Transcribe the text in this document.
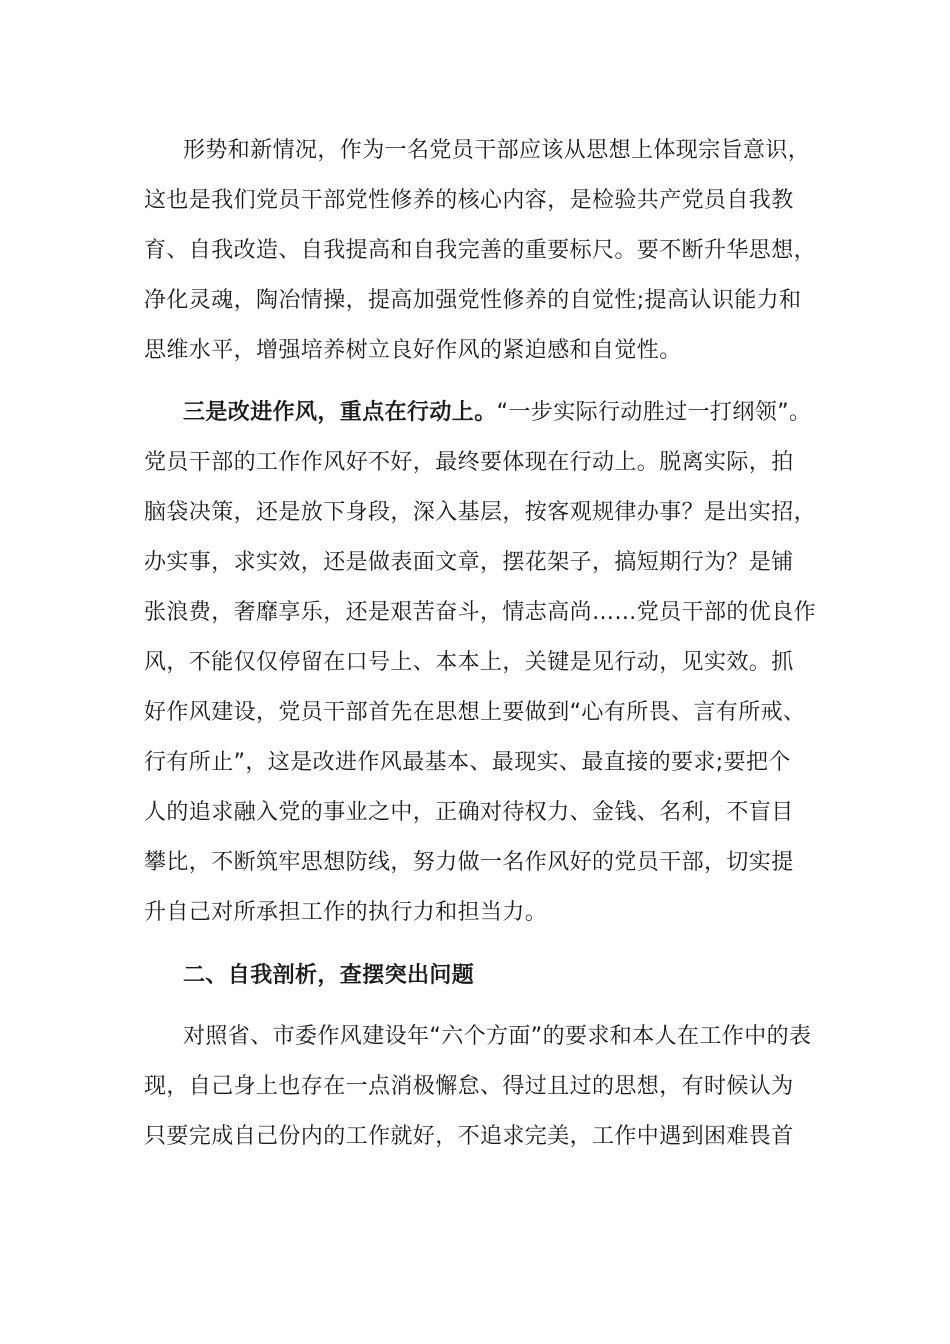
形势和新情况，作为一名党员干部应该从思想上体现宗旨意识，
这也是我们党员干部党性修养的核心内容，是检验共产党员自我教
育、自我改造、自我提高和自我完善的重要标尺。要不断升华思想，
净化灵魂，陶冶情操，提高加强党性修养的自觉性;提高认识能力和
思维水平，增强培养树立良好作风的紧迫感和自觉性。
三是改进作风，重点在行动上。“一步实际行动胜过一打纲领”。
党员干部的工作作风好不好，最终要体现在行动上。脱离实际，拍
脑袋决策，还是放下身段，深入基层，按客观规律办事？是出实招，
办实事，求实效，还是做表面文章，摆花架子，搞短期行为？是铺
张浪费，奢靡享乐，还是艰苦奋斗，情志高尚……党员干部的优良作
风，不能仅仅停留在口号上、本本上，关键是见行动，见实效。抓
好作风建设，党员干部首先在思想上要做到“心有所畏、言有所戒、
行有所止”，这是改进作风最基本、最现实、最直接的要求;要把个
人的追求融入党的事业之中，正确对待权力、金钱、名利，不盲目
攀比，不断筑牢思想防线，努力做一名作风好的党员干部，切实提
升自己对所承担工作的执行力和担当力。
二、自我剖析，查摆突出问题
对照省、市委作风建设年“六个方面”的要求和本人在工作中的表
现，自己身上也存在一点消极懈怠、得过且过的思想，有时候认为
只要完成自己份内的工作就好，不追求完美，工作中遇到困难畏首
